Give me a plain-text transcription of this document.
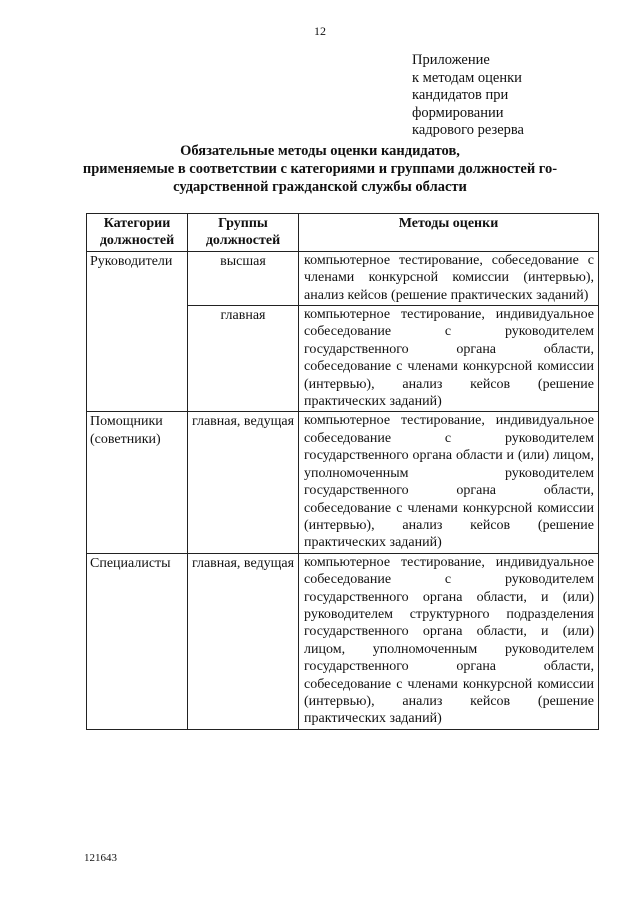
12
Приложение
к методам оценки
кандидатов при
формировании
кадрового резерва
Обязательные методы оценки кандидатов,
применяемые в соответствии с категориями и группами должностей го-
сударственной гражданской службы области
Категории должностей	Группы должностей	Методы оценки
Руководители	высшая	компьютерное тестирование, собеседование с членами конкурсной комиссии (интервью), анализ кейсов (решение практических заданий)
	главная	компьютерное тестирование, индивидуальное собеседование с руководителем государственного органа области, собеседование с членами конкурсной комиссии (интервью), анализ кейсов (решение практических заданий)
Помощники (советники)	главная, ведущая	компьютерное тестирование, индивидуальное собеседование с руководителем государственного органа области и (или) лицом, уполномоченным руководителем государственного органа области, собеседование с членами конкурсной комиссии (интервью), анализ кейсов (решение практических заданий)
Специалисты	главная, ведущая	компьютерное тестирование, индивидуальное собеседование с руководителем государственного органа области, и (или) руководителем структурного подразделения государственного органа области, и (или) лицом, уполномоченным руководителем государственного органа области, собеседование с членами конкурсной комиссии (интервью), анализ кейсов (решение практических заданий)
121643
